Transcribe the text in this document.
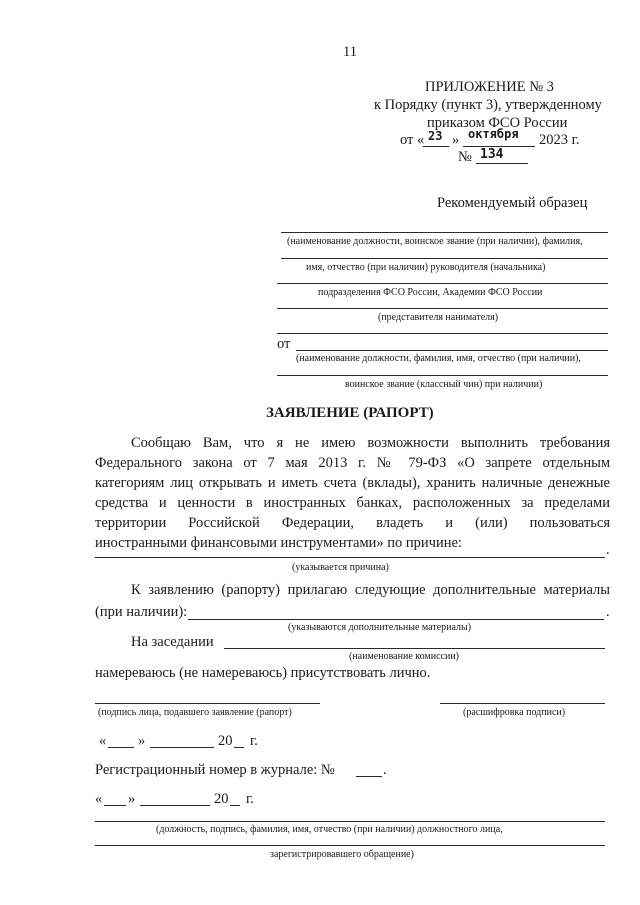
11
ПРИЛОЖЕНИЕ № 3
к Порядку (пункт 3), утвержденному
приказом ФСО России
от « 23 » октября 2023 г.
№ 134
Рекомендуемый образец
(наименование должности, воинское звание (при наличии), фамилия,
имя, отчество (при наличии) руководителя (начальника)
подразделения ФСО России, Академии ФСО России
(представителя нанимателя)
от
(наименование должности, фамилия, имя, отчество (при наличии),
воинское звание (классный чин) при наличии)
ЗАЯВЛЕНИЕ (РАПОРТ)
Сообщаю Вам, что я не имею возможности выполнить требования
Федерального закона от 7 мая 2013 г. № 79-ФЗ «О запрете отдельным
категориям лиц открывать и иметь счета (вклады), хранить наличные денежные
средства и ценности в иностранных банках, расположенных за пределами
территории Российской Федерации, владеть и (или) пользоваться
иностранными финансовыми инструментами» по причине:	.
(указывается причина)
К заявлению (рапорту) прилагаю следующие дополнительные материалы
(при наличии):	.
(указываются дополнительные материалы)
На заседании
(наименование комиссии)
намереваюсь (не намереваюсь) присутствовать лично.
(подпись лица, подавшего заявление (рапорт)	(расшифровка подписи)
« »	20 г.
Регистрационный номер в журнале: №	.
« »	20 г.
(должность, подпись, фамилия, имя, отчество (при наличии) должностного лица,
зарегистрировавшего обращение)
